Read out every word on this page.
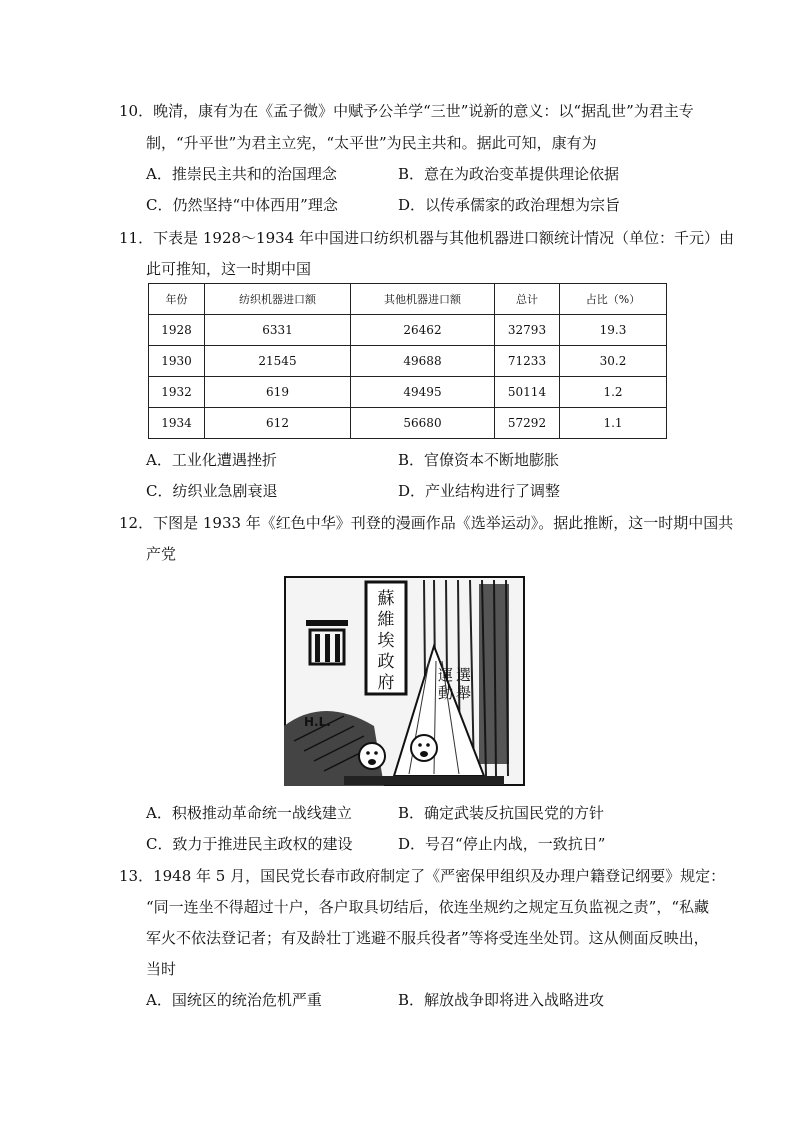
10．晚清，康有为在《孟子微》中赋予公羊学“三世”说新的意义：以“据乱世”为君主专
制，“升平世”为君主立宪，“太平世”为民主共和。据此可知，康有为
A．推崇民主共和的治国理念	B．意在为政治变革提供理论依据
C．仍然坚持“中体西用”理念	D．以传承儒家的政治理想为宗旨
11．下表是 1928～1934 年中国进口纺织机器与其他机器进口额统计情况（单位：千元）由
此可推知，这一时期中国
年份	纺织机器进口额	其他机器进口额	总计	占比（%）
1928	6331	26462	32793	19.3
1930	21545	49688	71233	30.2
1932	619	49495	50114	1.2
1934	612	56680	57292	1.1
A．工业化遭遇挫折	B．官僚资本不断地膨胀
C．纺织业急剧衰退	D．产业结构进行了调整
12．下图是 1933 年《红色中华》刊登的漫画作品《选举运动》。据此推断，这一时期中国共
产党
蘇維埃政府	選舉運動
H.L.
A．积极推动革命统一战线建立	B．确定武装反抗国民党的方针
C．致力于推进民主政权的建设	D．号召“停止内战，一致抗日”
13．1948 年 5 月，国民党长春市政府制定了《严密保甲组织及办理户籍登记纲要》规定：
“同一连坐不得超过十户，各户取具切结后，依连坐规约之规定互负监视之责”，“私藏
军火不依法登记者；有及龄壮丁逃避不服兵役者”等将受连坐处罚。这从侧面反映出，
当时
A．国统区的统治危机严重	B．解放战争即将进入战略进攻
